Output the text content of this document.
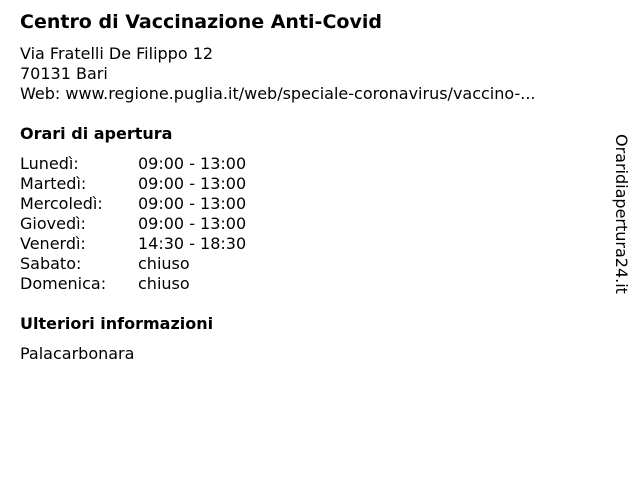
Centro di Vaccinazione Anti-Covid
Via Fratelli De Filippo 12
70131 Bari
Web: www.regione.puglia.it/web/speciale-coronavirus/vaccino-...
Orari di apertura
Lunedì:	09:00 - 13:00
Martedì:	09:00 - 13:00
Mercoledì: 09:00 - 13:00
Giovedì:	09:00 - 13:00
Venerdì:	14:30 - 18:30
Sabato:	chiuso
Domenica: chiuso
Ulteriori informazioni
Palacarbonara
Oraridiapertura24.it
